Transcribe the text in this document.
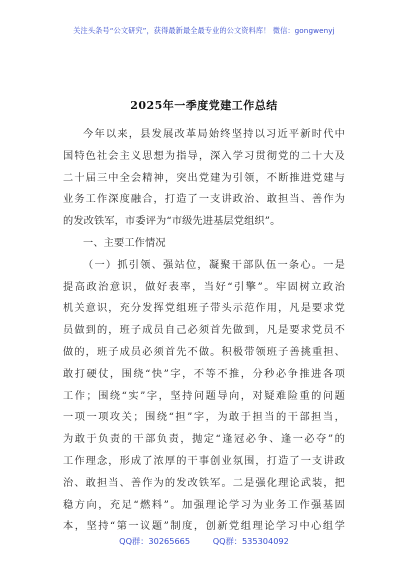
关注头条号“公文研究”，获得最新最全最专业的公文资料库！ 微信：gongwenyj
2025年一季度党建工作总结
今年以来，县发展改革局始终坚持以习近平新时代中
国特色社会主义思想为指导，深入学习贯彻党的二十大及
二十届三中全会精神，突出党建为引领，不断推进党建与
业务工作深度融合，打造了一支讲政治、敢担当、善作为
的发改铁军，市委评为“市级先进基层党组织”。
一、主要工作情况
（一）抓引领、强站位，凝聚干部队伍一条心。一是
提高政治意识，做好表率，当好“引擎”。牢固树立政治
机关意识，充分发挥党组班子带头示范作用，凡是要求党
员做到的，班子成员自己必须首先做到，凡是要求党员不
做的，班子成员必须首先不做。积极带领班子善挑重担、
敢打硬仗，围绕“快”字，不等不推，分秒必争推进各项
工作；围绕“实”字，坚持问题导向，对疑难险重的问题
一项一项攻关；围绕“担”字，为敢于担当的干部担当，
为敢于负责的干部负责，抛定“逢冠必争、逢一必夺”的
工作理念，形成了浓厚的干事创业氛围，打造了一支讲政
治、敢担当、善作为的发改铁军。二是强化理论武装，把
稳方向，充足“燃料”。加强理论学习为业务工作强基固
本，坚持“第一议题”制度，创新党组理论学习中心组学
QQ群：30265665	QQ群：535304092
